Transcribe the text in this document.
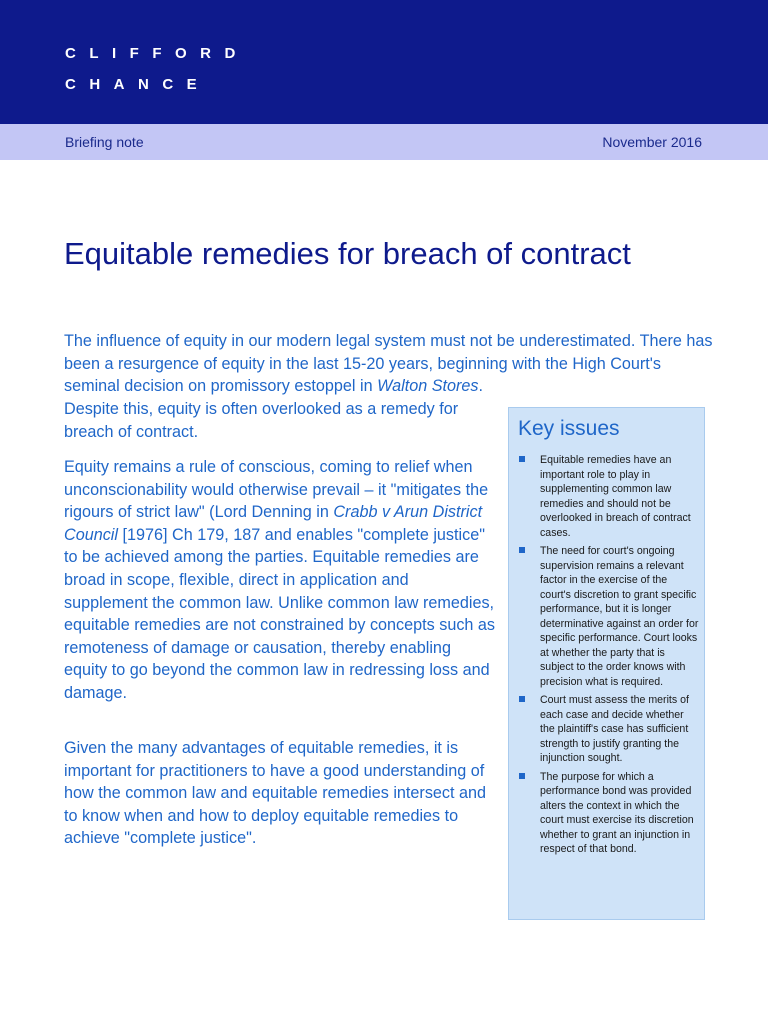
CLIFFORD
CHANCE
Briefing note	November 2016
Equitable remedies for breach of contract

The influence of equity in our modern legal system must not be underestimated. There has been a resurgence of equity in the last 15-20 years, beginning with the High Court's seminal decision on promissory estoppel in Walton Stores.

Despite this, equity is often overlooked as a remedy for breach of contract.

Equity remains a rule of conscious, coming to relief when unconscionability would otherwise prevail – it "mitigates the rigours of strict law" (Lord Denning in Crabb v Arun District Council [1976] Ch 179, 187 and enables "complete justice" to be achieved among the parties. Equitable remedies are broad in scope, flexible, direct in application and supplement the common law. Unlike common law remedies, equitable remedies are not constrained by concepts such as remoteness of damage or causation, thereby enabling equity to go beyond the common law in redressing loss and damage.

Given the many advantages of equitable remedies, it is important for practitioners to have a good understanding of how the common law and equitable remedies intersect and to know when and how to deploy equitable remedies to achieve "complete justice".

Key issues
Equitable remedies have an important role to play in supplementing common law remedies and should not be overlooked in breach of contract cases.
The need for court's ongoing supervision remains a relevant factor in the exercise of the court's discretion to grant specific performance, but it is longer determinative against an order for specific performance. Court looks at whether the party that is subject to the order knows with precision what is required.
Court must assess the merits of each case and decide whether the plaintiff's case has sufficient strength to justify granting the injunction sought.
The purpose for which a performance bond was provided alters the context in which the court must exercise its discretion whether to grant an injunction in respect of that bond.
